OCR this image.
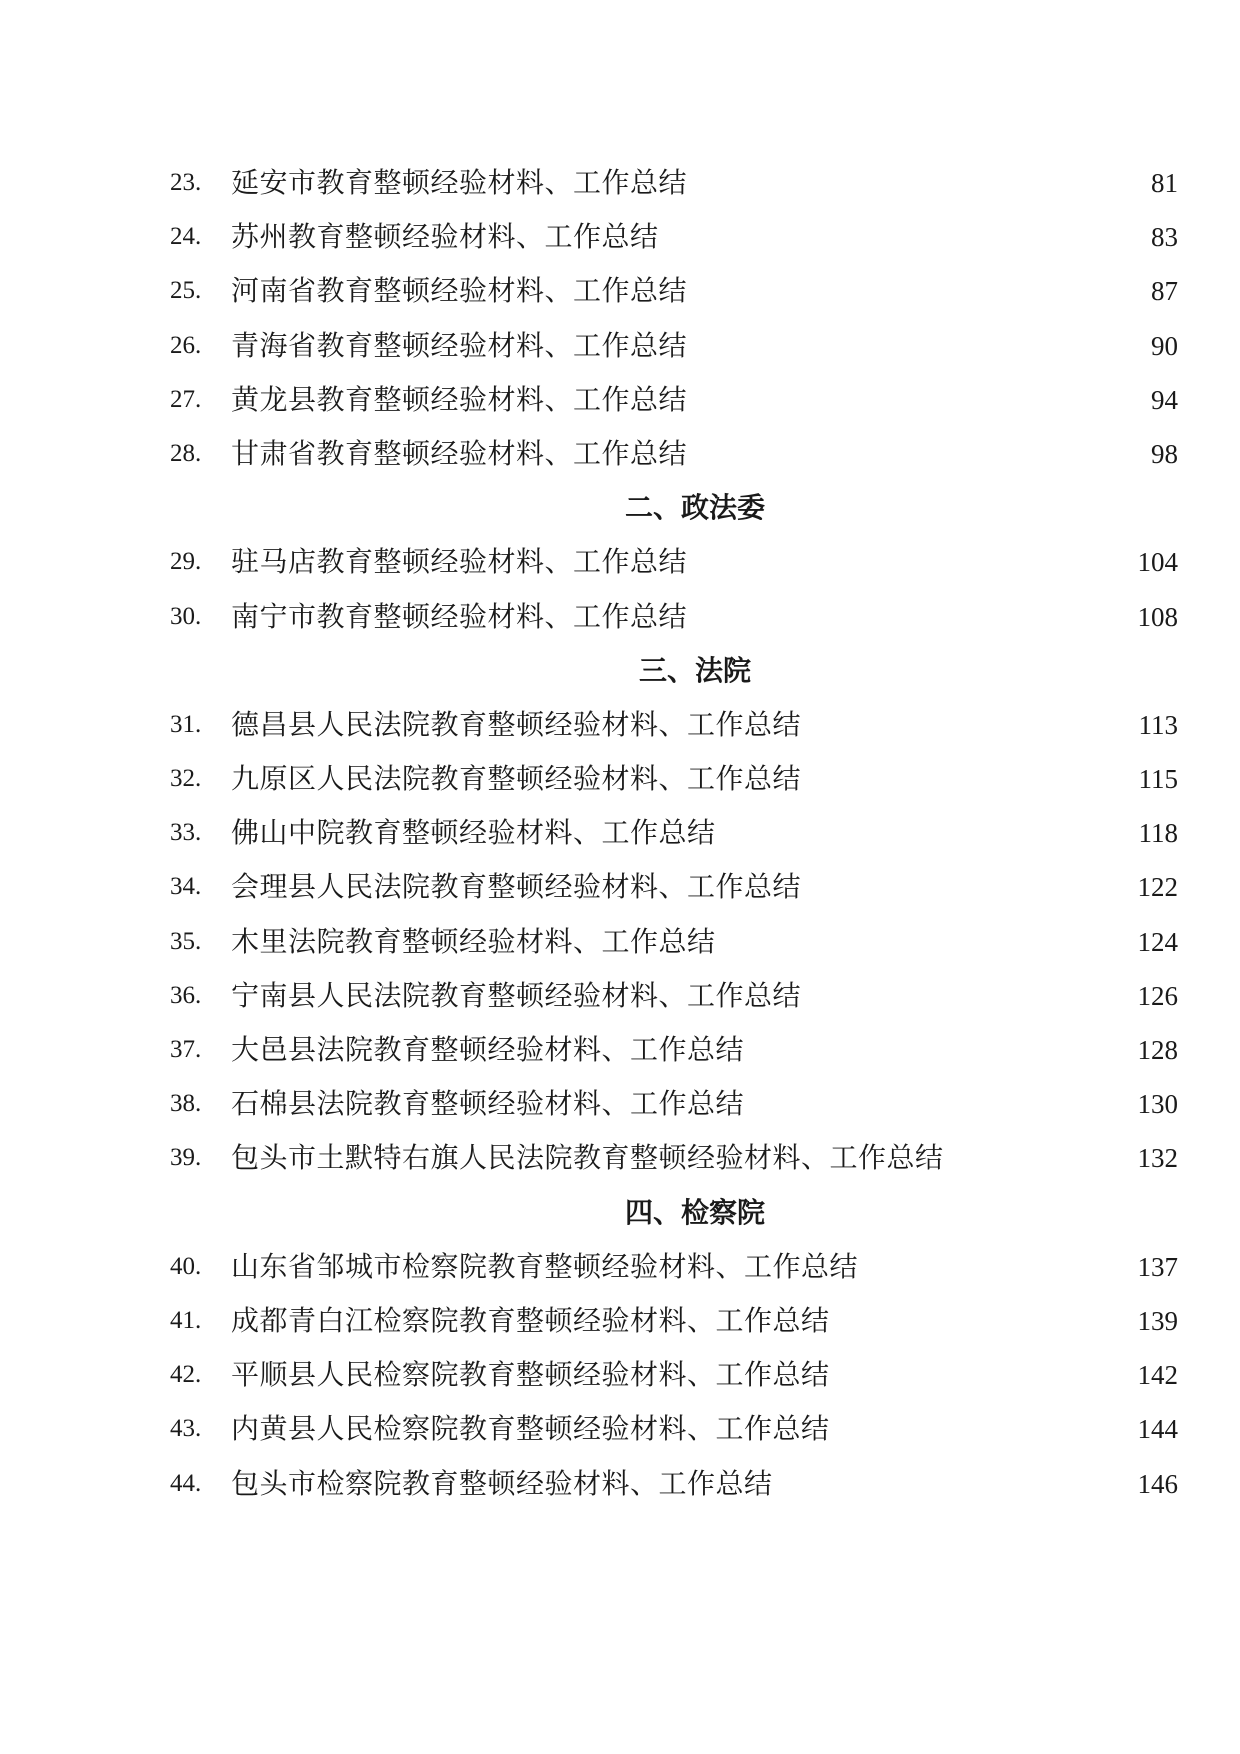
23. 延安市教育整顿经验材料、工作总结	81
24. 苏州教育整顿经验材料、工作总结	83
25. 河南省教育整顿经验材料、工作总结	87
26. 青海省教育整顿经验材料、工作总结	90
27. 黄龙县教育整顿经验材料、工作总结	94
28. 甘肃省教育整顿经验材料、工作总结	98
二、政法委
29. 驻马店教育整顿经验材料、工作总结	104
30. 南宁市教育整顿经验材料、工作总结	108
三、法院
31. 德昌县人民法院教育整顿经验材料、工作总结	113
32. 九原区人民法院教育整顿经验材料、工作总结	115
33. 佛山中院教育整顿经验材料、工作总结	118
34. 会理县人民法院教育整顿经验材料、工作总结	122
35. 木里法院教育整顿经验材料、工作总结	124
36. 宁南县人民法院教育整顿经验材料、工作总结	126
37. 大邑县法院教育整顿经验材料、工作总结	128
38. 石棉县法院教育整顿经验材料、工作总结	130
39. 包头市土默特右旗人民法院教育整顿经验材料、工作总结	132
四、检察院
40. 山东省邹城市检察院教育整顿经验材料、工作总结	137
41. 成都青白江检察院教育整顿经验材料、工作总结	139
42. 平顺县人民检察院教育整顿经验材料、工作总结	142
43. 内黄县人民检察院教育整顿经验材料、工作总结	144
44. 包头市检察院教育整顿经验材料、工作总结	146
